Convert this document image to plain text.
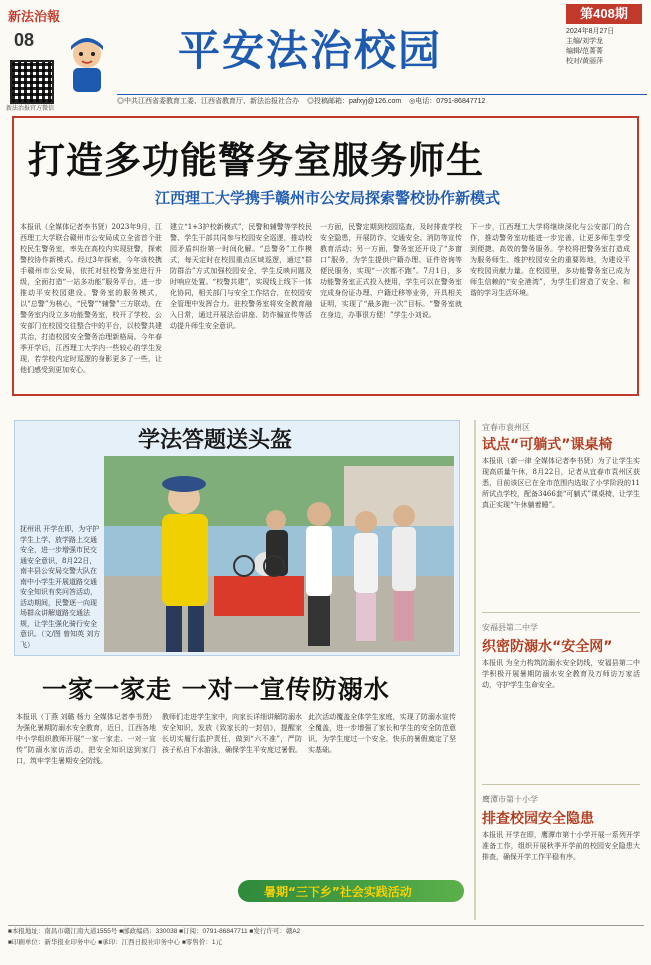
新法治報
08
新法治报官方微信
平安法治校园
第408期
2024年8月27日
主编/刘学龙
编辑/范菁菁
校对/黄丽萍
◎中共江西省委教育工委、江西省教育厅、新法治报社合办 ◎投稿邮箱：pafxyj@126.com ◎电话：0791-86847712
打造多功能警务室服务师生
江西理工大学携手赣州市公安局探索警校协作新模式
本报讯（全媒体记者李书贤）2023年9月，江西理工大学联合赣州市公安局成立全省首个驻校民生警务室，率先在高校内实现驻警，探索警校协作新模式。经过3年探索，今年该校携手赣州市公安局，依托对驻校警务室进行升级，全面打造“一站多功能”服务平台，进一步推动平安校园建设。警务室的服务模式，以“总警”为核心，“民警”“辅警”三方联动，在警务室内设立多功能警务室，校开了学校、公安部门在校园交往整合中的平台，以校警共建共治，打造校园安全警务治理新格局。今年春季开学后，江西理工大学内一些较心的学生发现，若学校内定时巡逻的身影更多了一些，让他们感受到更加安心。
建立“1+3护校新模式”，民警和辅警等学校民警、学生干部共同参与校园安全巡逻，推动校园矛盾纠纷第一时间化解。“总警务”工作模式，每天定时在校园重点区域巡逻，通过“群防群治”方式加强校园安全，学生反映问题及时响应处置。“校警共建”，实现线上线下一体化协同，相关部门与安全工作结合，在校园安全管理中发挥合力。驻校警务室将安全教育融入日常，通过开展法治讲座、防诈骗宣传等活动提升师生安全意识。
一方面，民警定期到校园巡查，及时排查学校安全隐患，开展防诈、交通安全、消防等宣传教育活动；另一方面，警务室还开设了“多窗口”服务，为学生提供户籍办理、证件咨询等便民服务，实现“一次都不跑”。7月1日，多功能警务室正式投入使用，学生可以在警务室完成身份证办理、户籍迁移等业务，开具相关证明，实现了“最多跑一次”目标。“警务室就在身边，办事很方便！”学生小刘说。
下一步，江西理工大学将继续深化与公安部门的合作，推动警务室功能进一步完善，让更多师生享受到便捷、高效的警务服务。学校将把警务室打造成为服务师生、维护校园安全的重要阵地，为建设平安校园贡献力量。在校园里，多功能警务室已成为师生信赖的“安全港湾”，为学生们营造了安全、和谐的学习生活环境。
学法答题送头盔
抚州讯 开学在即，为守护学生上学、放学路上交通安全，进一步增强市民交通安全意识，8月22日，南丰县公安局交警大队在南中小学生开展道路交通安全知识有奖问答活动，活动期间，民警逐一向现场群众讲解道路交通法规，让学生强化骑行安全意识。（文/图 曾知英 刘方飞）
一家一家走 一对一宣传防溺水
本报讯（丁燕 刘璐 杨力 全媒体记者李书贤）为强化暑期防溺水安全教育，近日，江西各地中小学组织教师开展“一家一家走、一对一宣传”防溺水家访活动，把安全知识送到家门口，筑牢学生暑期安全防线。
教师们走进学生家中，向家长详细讲解防溺水安全知识，发放《致家长的一封信》，提醒家长切实履行监护责任，做到“六不准”，严防孩子私自下水游泳，确保学生平安度过暑假。
此次活动覆盖全体学生家庭，实现了防溺水宣传全覆盖，进一步增强了家长和学生的安全防范意识，为学生度过一个安全、快乐的暑假奠定了坚实基础。
暑期“三下乡”社会实践活动
宜春市袁州区
试点“可躺式”课桌椅
本报讯（新一律 全媒体记者李书贤）为了让学生实现高质量午休，8月22日，记者从宜春市袁州区获悉，目前该区已在全市范围内选取了小学阶段的11所试点学校，配备3466套“可躺式”课桌椅，让学生真正实现“午休躺着睡”。
安福县第二中学
织密防溺水“安全网”
本报讯 为全力构筑防溺水安全防线，安福县第二中学积极开展暑期防溺水安全教育及万师访万家活动，守护学生生命安全。
鹰潭市第十小学
排查校园安全隐患
本报讯 开学在即，鹰潭市第十小学开展一系列开学准备工作，组织开展秋季开学前的校园安全隐患大排查，确保开学工作平稳有序。
■本报地址：南昌市赣江南大道1555号 ■邮政编码：330038 ■订阅：0791-86847711 ■发行许可：赣A2
■印刷单位：新华报业印务中心 ■承印：江西日报社印务中心 ■零售价：1元
